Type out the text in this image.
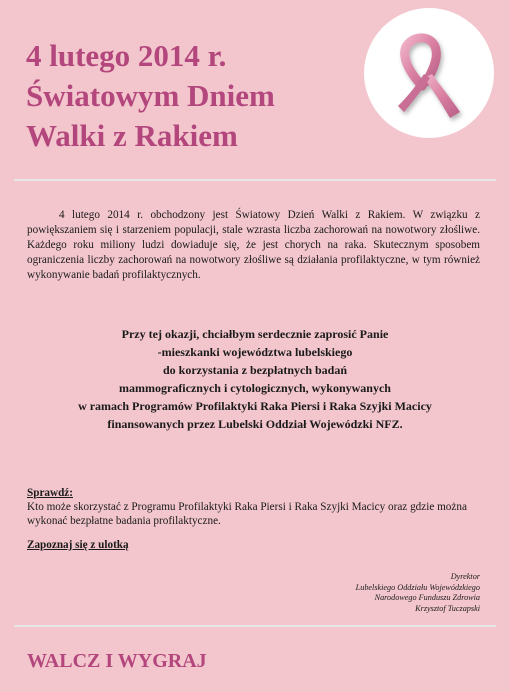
4 lutego 2014 r.
Światowym Dniem
Walki z Rakiem
4 lutego 2014 r. obchodzony jest Światowy Dzień Walki z Rakiem. W związku z powiększaniem się i starzeniem populacji, stale wzrasta liczba zachorowań na nowotwory złośliwe. Każdego roku miliony ludzi dowiaduje się, że jest chorych na raka. Skutecznym sposobem ograniczenia liczby zachorowań na nowotwory złośliwe są działania profilaktyczne, w tym również wykonywanie badań profilaktycznych.
Przy tej okazji, chciałbym serdecznie zaprosić Panie
-mieszkanki województwa lubelskiego
do korzystania z bezpłatnych badań
mammograficznych i cytologicznych, wykonywanych
w ramach Programów Profilaktyki Raka Piersi i Raka Szyjki Macicy
finansowanych przez Lubelski Oddział Wojewódzki NFZ.
Sprawdź:
Kto może skorzystać z Programu Profilaktyki Raka Piersi i Raka Szyjki Macicy oraz gdzie można wykonać bezpłatne badania profilaktyczne.
Zapoznaj się z ulotką
Dyrektor
Lubelskiego Oddziału Wojewódzkiego
Narodowego Funduszu Zdrowia
Krzysztof Tuczapski
WALCZ I WYGRAJ
